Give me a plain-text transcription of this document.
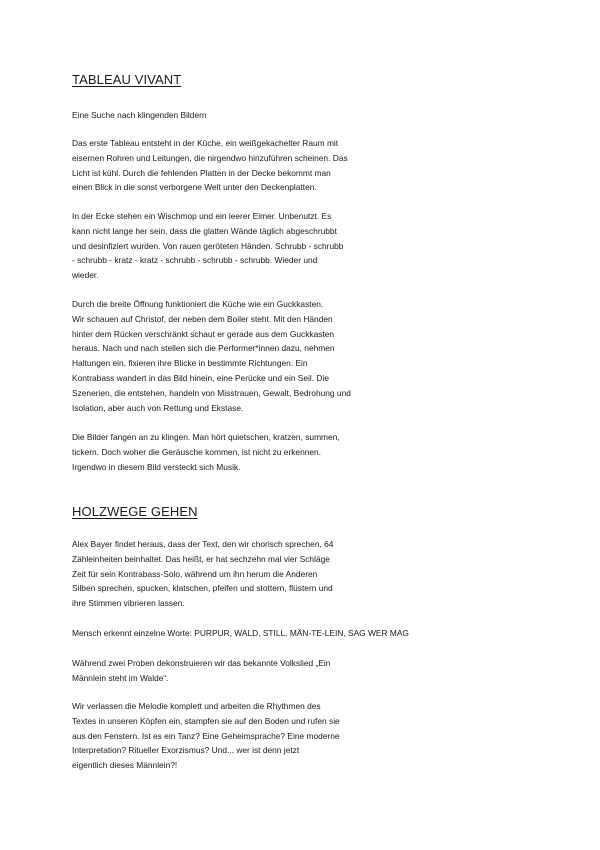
TABLEAU VIVANT
Eine Suche nach klingenden Bildern
Das erste Tableau entsteht in der Küche, ein weißgekachelter Raum mit
eisernen Rohren und Leitungen, die nirgendwo hinzuführen scheinen. Das
Licht ist kühl. Durch die fehlenden Platten in der Decke bekommt man
einen Blick in die sonst verborgene Welt unter den Deckenplatten.
In der Ecke stehen ein Wischmop und ein leerer Eimer. Unbenutzt. Es
kann nicht lange her sein, dass die glatten Wände täglich abgeschrubbt
und desinfiziert wurden. Von rauen geröteten Händen. Schrubb - schrubb
- schrubb - kratz - kratz - schrubb - schrubb - schrubb. Wieder und
wieder.
Durch die breite Öffnung funktioniert die Küche wie ein Guckkasten.
Wir schauen auf Christof, der neben dem Boiler steht. Mit den Händen
hinter dem Rücken verschränkt schaut er gerade aus dem Guckkasten
heraus. Nach und nach stellen sich die Performer*innen dazu, nehmen
Haltungen ein, fixieren ihre Blicke in bestimmte Richtungen. Ein
Kontrabass wandert in das Bild hinein, eine Perücke und ein Seil. Die
Szenerien, die entstehen, handeln von Misstrauen, Gewalt, Bedrohung und
Isolation, aber auch von Rettung und Ekstase.
Die Bilder fangen an zu klingen. Man hört quietschen, kratzen, summen,
tickern. Doch woher die Geräusche kommen, ist nicht zu erkennen.
Irgendwo in diesem Bild versteckt sich Musik.
HOLZWEGE GEHEN
Alex Bayer findet heraus, dass der Text, den wir chorisch sprechen, 64
Zähleinheiten beinhaltet. Das heißt, er hat sechzehn mal vier Schläge
Zeit für sein Kontrabass-Solo, während um ihn herum die Anderen
Silben sprechen, spucken, klatschen, pfeifen und stottern, flüstern und
ihre Stimmen vibrieren lassen.
Mensch erkennt einzelne Worte: PURPUR, WALD, STILL, MÄN-TE-LEIN, SAG WER MAG
Während zwei Proben dekonstruieren wir das bekannte Volkslied „Ein
Männlein steht im Walde“.
Wir verlassen die Melodie komplett und arbeiten die Rhythmen des
Textes in unseren Köpfen ein, stampfen sie auf den Boden und rufen sie
aus den Fenstern. Ist es ein Tanz? Eine Geheimsprache? Eine moderne
Interpretation? Ritueller Exorzismus? Und... wer ist denn jetzt
eigentlich dieses Männlein?!
